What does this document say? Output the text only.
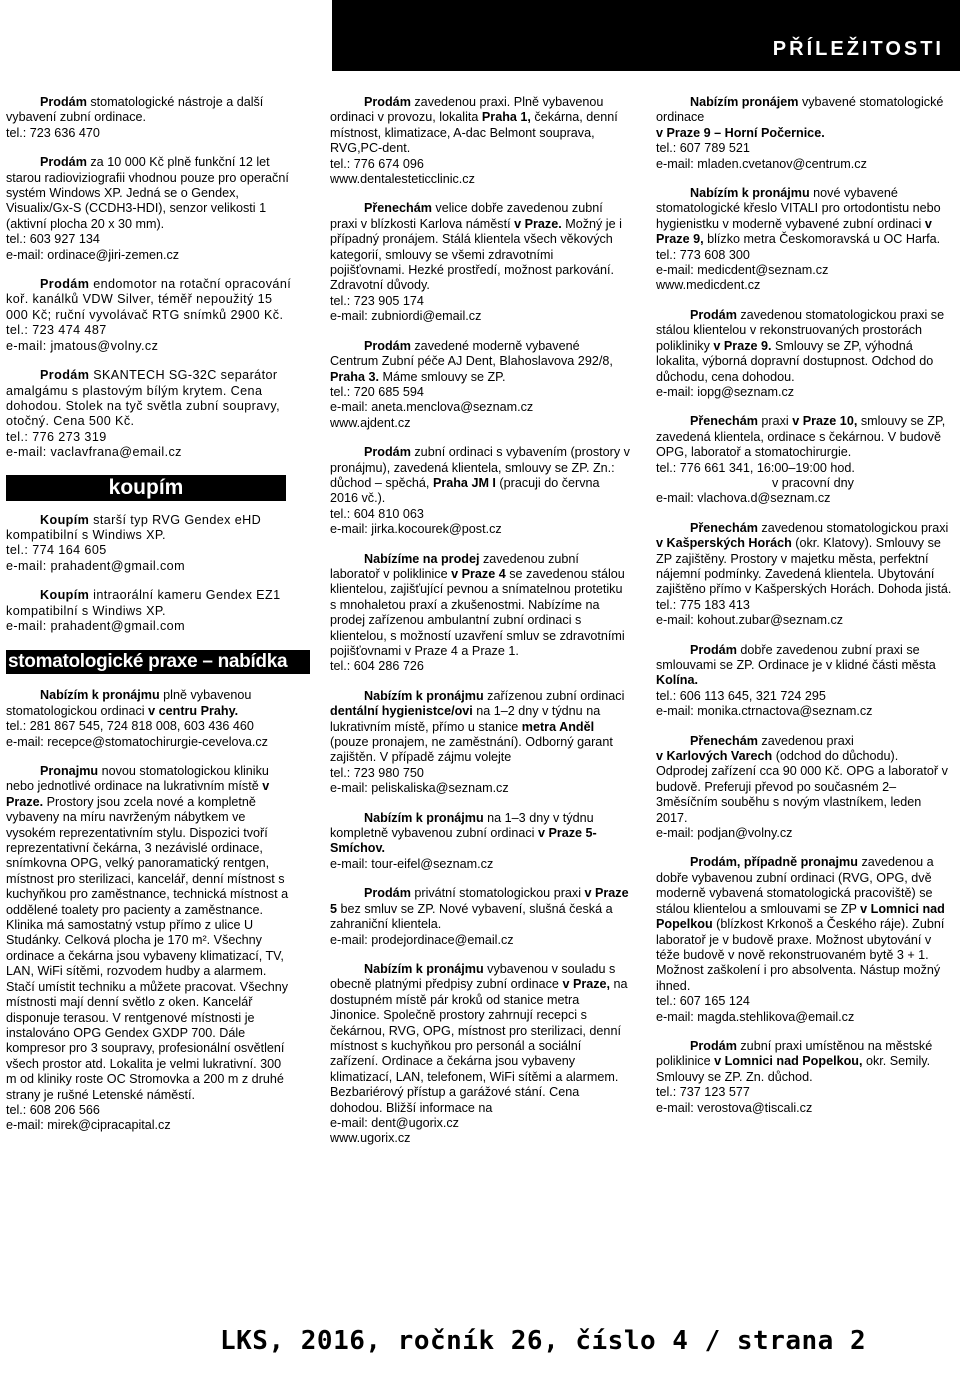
PŘÍLEŽITOSTI

Prodám stomatologické nástroje a další vybavení zubní ordinace.

tel.: 723 636 470

Prodám za 10 000 Kč plně funkční 12 let starou radioviziografii vhodnou pouze pro operační systém Windows XP. Jedná se o Gendex, Visualix/Gx-S (CCDH3-HDI), senzor velikosti 1 (aktivní plocha 20 x 30 mm).

tel.: 603 927 134

e-mail: ordinace@jiri-zemen.cz

Prodám endomotor na rotační opracování koř. kanálků VDW Silver, téměř nepoužitý 15 000 Kč; ruční vyvolávač RTG snímků 2900 Kč.

tel.: 723 474 487

e-mail: jmatous@volny.cz

Prodám SKANTECH SG-32C separátor amalgámu s plastovým bílým krytem. Cena dohodou. Stolek na tyč světla zubní soupravy, otočný. Cena 500 Kč.

tel.: 776 273 319

e-mail: vaclavfrana@email.cz

koupím

Koupím starší typ RVG Gendex eHD kompatibilní s Windiws XP.

tel.: 774 164 605

e-mail: prahadent@gmail.com

Koupím intraorální kameru Gendex EZ1 kompatibilní s Windiws XP.

e-mail: prahadent@gmail.com

stomatologické praxe – nabídka

Nabízím k pronájmu plně vybavenou stomatologickou ordinaci v centru Prahy.

tel.: 281 867 545, 724 818 008, 603 436 460

e-mail: recepce@stomatochirurgie-cevelova.cz

Pronajmu novou stomatologickou kliniku nebo jednotlivé ordinace na lukrativním místě v Praze. Prostory jsou zcela nové a kompletně vybaveny na míru navrženým nábytkem ve vysokém reprezentativním stylu. Dispozici tvoří reprezentativní čekárna, 3 nezávislé ordinace, snímkovna OPG, velký panoramatický rentgen, místnost pro sterilizaci, kancelář, denní místnost s kuchyňkou pro zaměstnance, technická místnost a oddělené toalety pro pacienty a zaměstnance. Klinika má samostatný vstup přímo z ulice U Studánky. Celková plocha je 170 m². Všechny ordinace a čekárna jsou vybaveny klimatizací, TV, LAN, WiFi sítěmi, rozvodem hudby a alarmem. Stačí umístit techniku a můžete pracovat. Všechny místnosti mají denní světlo z oken. Kancelář disponuje terasou. V rentgenové místnosti je instalováno OPG Gendex GXDP 700. Dále kompresor pro 3 soupravy, profesionální osvětlení všech prostor atd. Lokalita je velmi lukrativní. 300 m od kliniky roste OC Stromovka a 200 m z druhé strany je rušné Letenské náměstí.

tel.: 608 206 566

e-mail: mirek@cipracapital.cz

Prodám zavedenou praxi. Plně vybavenou ordinaci v provozu, lokalita Praha 1, čekárna, denní místnost, klimatizace, A-dac Belmont souprava, RVG,PC-dent.

tel.: 776 674 096

www.dentalesteticclinic.cz

Přenechám velice dobře zavedenou zubní praxi v blízkosti Karlova náměstí v Praze. Možný je i případný pronájem. Stálá klientela všech věkových kategorií, smlouvy se všemi zdravotními pojišťovnami. Hezké prostředí, možnost parkování. Zdravotní důvody.

tel.: 723 905 174

e-mail: zubniordi@email.cz

Prodám zavedené moderně vybavené Centrum Zubní péče AJ Dent, Blahoslavova 292/8, Praha 3. Máme smlouvy se ZP.

tel.: 720 685 594

e-mail: aneta.menclova@seznam.cz

www.ajdent.cz

Prodám zubní ordinaci s vybavením (prostory v pronájmu), zavedená klientela, smlouvy se ZP. Zn.: důchod – spěchá, Praha JM I (pracuji do června 2016 vč.).

tel.: 604 810 063

e-mail: jirka.kocourek@post.cz

Nabízíme na prodej zavedenou zubní laboratoř v poliklinice v Praze 4 se zavedenou stálou klientelou, zajišťující pevnou a snímatelnou protetiku s mnohaletou praxí a zkušenostmi. Nabízíme na prodej zařízenou ambulantní zubní ordinaci s klientelou, s možností uzavření smluv se zdravotními pojišťovnami v Praze 4 a Praze 1.

tel.: 604 286 726

Nabízím k pronájmu zařízenou zubní ordinaci dentální hygienistce/ovi na 1–2 dny v týdnu na lukrativním místě, přímo u stanice metra Anděl (pouze pronajem, ne zaměstnání). Odborný garant zajištěn. V případě zájmu volejte

tel.: 723 980 750

e-mail: peliskaliska@seznam.cz

Nabízím k pronájmu na 1–3 dny v týdnu kompletně vybavenou zubní ordinaci v Praze 5-Smíchov.

e-mail: tour-eifel@seznam.cz

Prodám privátní stomatologickou praxi v Praze 5 bez smluv se ZP. Nové vybavení, slušná česká a zahraniční klientela.

e-mail: prodejordinace@email.cz

Nabízím k pronájmu vybavenou v souladu s obecně platnými předpisy zubní ordinace v Praze, na dostupném místě pár kroků od stanice metra Jinonice. Společně prostory zahrnují recepci s čekárnou, RVG, OPG, místnost pro sterilizaci, denní místnost s kuchyňkou pro personál a sociální zařízení. Ordinace a čekárna jsou vybaveny klimatizací, LAN, telefonem, WiFi sítěmi a alarmem. Bezbariérový přístup a garážové stání. Cena dohodou. Bližší informace na

e-mail: dent@ugorix.cz

www.ugorix.cz

Nabízím pronájem vybavené stomatologické ordinace

v Praze 9 – Horní Počernice.

tel.: 607 789 521

e-mail: mladen.cvetanov@centrum.cz

Nabízím k pronájmu nové vybavené stomatologické křeslo VITALI pro ortodontistu nebo hygienistku v moderně vybavené zubní ordinaci v Praze 9, blízko metra Českomoravská u OC Harfa.

tel.: 773 608 300

e-mail: medicdent@seznam.cz

www.medicdent.cz

Prodám zavedenou stomatologickou praxi se stálou klientelou v rekonstruovaných prostorách polikliniky v Praze 9. Smlouvy se ZP, výhodná lokalita, výborná dopravní dostupnost. Odchod do důchodu, cena dohodou.

e-mail: iopg@seznam.cz

Přenechám praxi v Praze 10, smlouvy se ZP, zavedená klientela, ordinace s čekárnou. V budově OPG, laboratoř a stomatochirurgie.

tel.: 776 661 341, 16:00–19:00 hod.

v pracovní dny

e-mail: vlachova.d@seznam.cz

Přenechám zavedenou stomatologickou praxi v Kašperských Horách (okr. Klatovy). Smlouvy se ZP zajištěny. Prostory v majetku města, perfektní nájemní podmínky. Zavedená klientela. Ubytování zajištěno přímo v Kašperských Horách. Dohoda jistá.

tel.: 775 183 413

e-mail: kohout.zubar@seznam.cz

Prodám dobře zavedenou zubní praxi se smlouvami se ZP. Ordinace je v klidné části města Kolína.

tel.: 606 113 645, 321 724 295

e-mail: monika.ctrnactova@seznam.cz

Přenechám zavedenou praxi

v Karlových Varech (odchod do důchodu). Odprodej zařízení cca 90 000 Kč. OPG a laboratoř v budově. Preferuji převod po současném 2–3měsíčním souběhu s novým vlastníkem, leden 2017.

e-mail: podjan@volny.cz

Prodám, případně pronajmu zavedenou a dobře vybavenou zubní ordinaci (RVG, OPG, dvě moderně vybavená stomatologická pracoviště) se stálou klientelou a smlouvami se ZP v Lomnici nad Popelkou (blízkost Krkonoš a Českého ráje). Zubní laboratoř je v budově praxe. Možnost ubytování v téže budově v nově rekonstruovaném bytě 3 + 1. Možnost zaškolení i pro absolventa. Nástup možný ihned.

tel.: 607 165 124

e-mail: magda.stehlikova@email.cz

Prodám zubní praxi umístěnou na městské poliklinice v Lomnici nad Popelkou, okr. Semily. Smlouvy se ZP. Zn. důchod.

tel.: 737 123 577

e-mail: verostova@tiscali.cz

LKS, 2016, ročník 26, číslo 4 / strana 2
